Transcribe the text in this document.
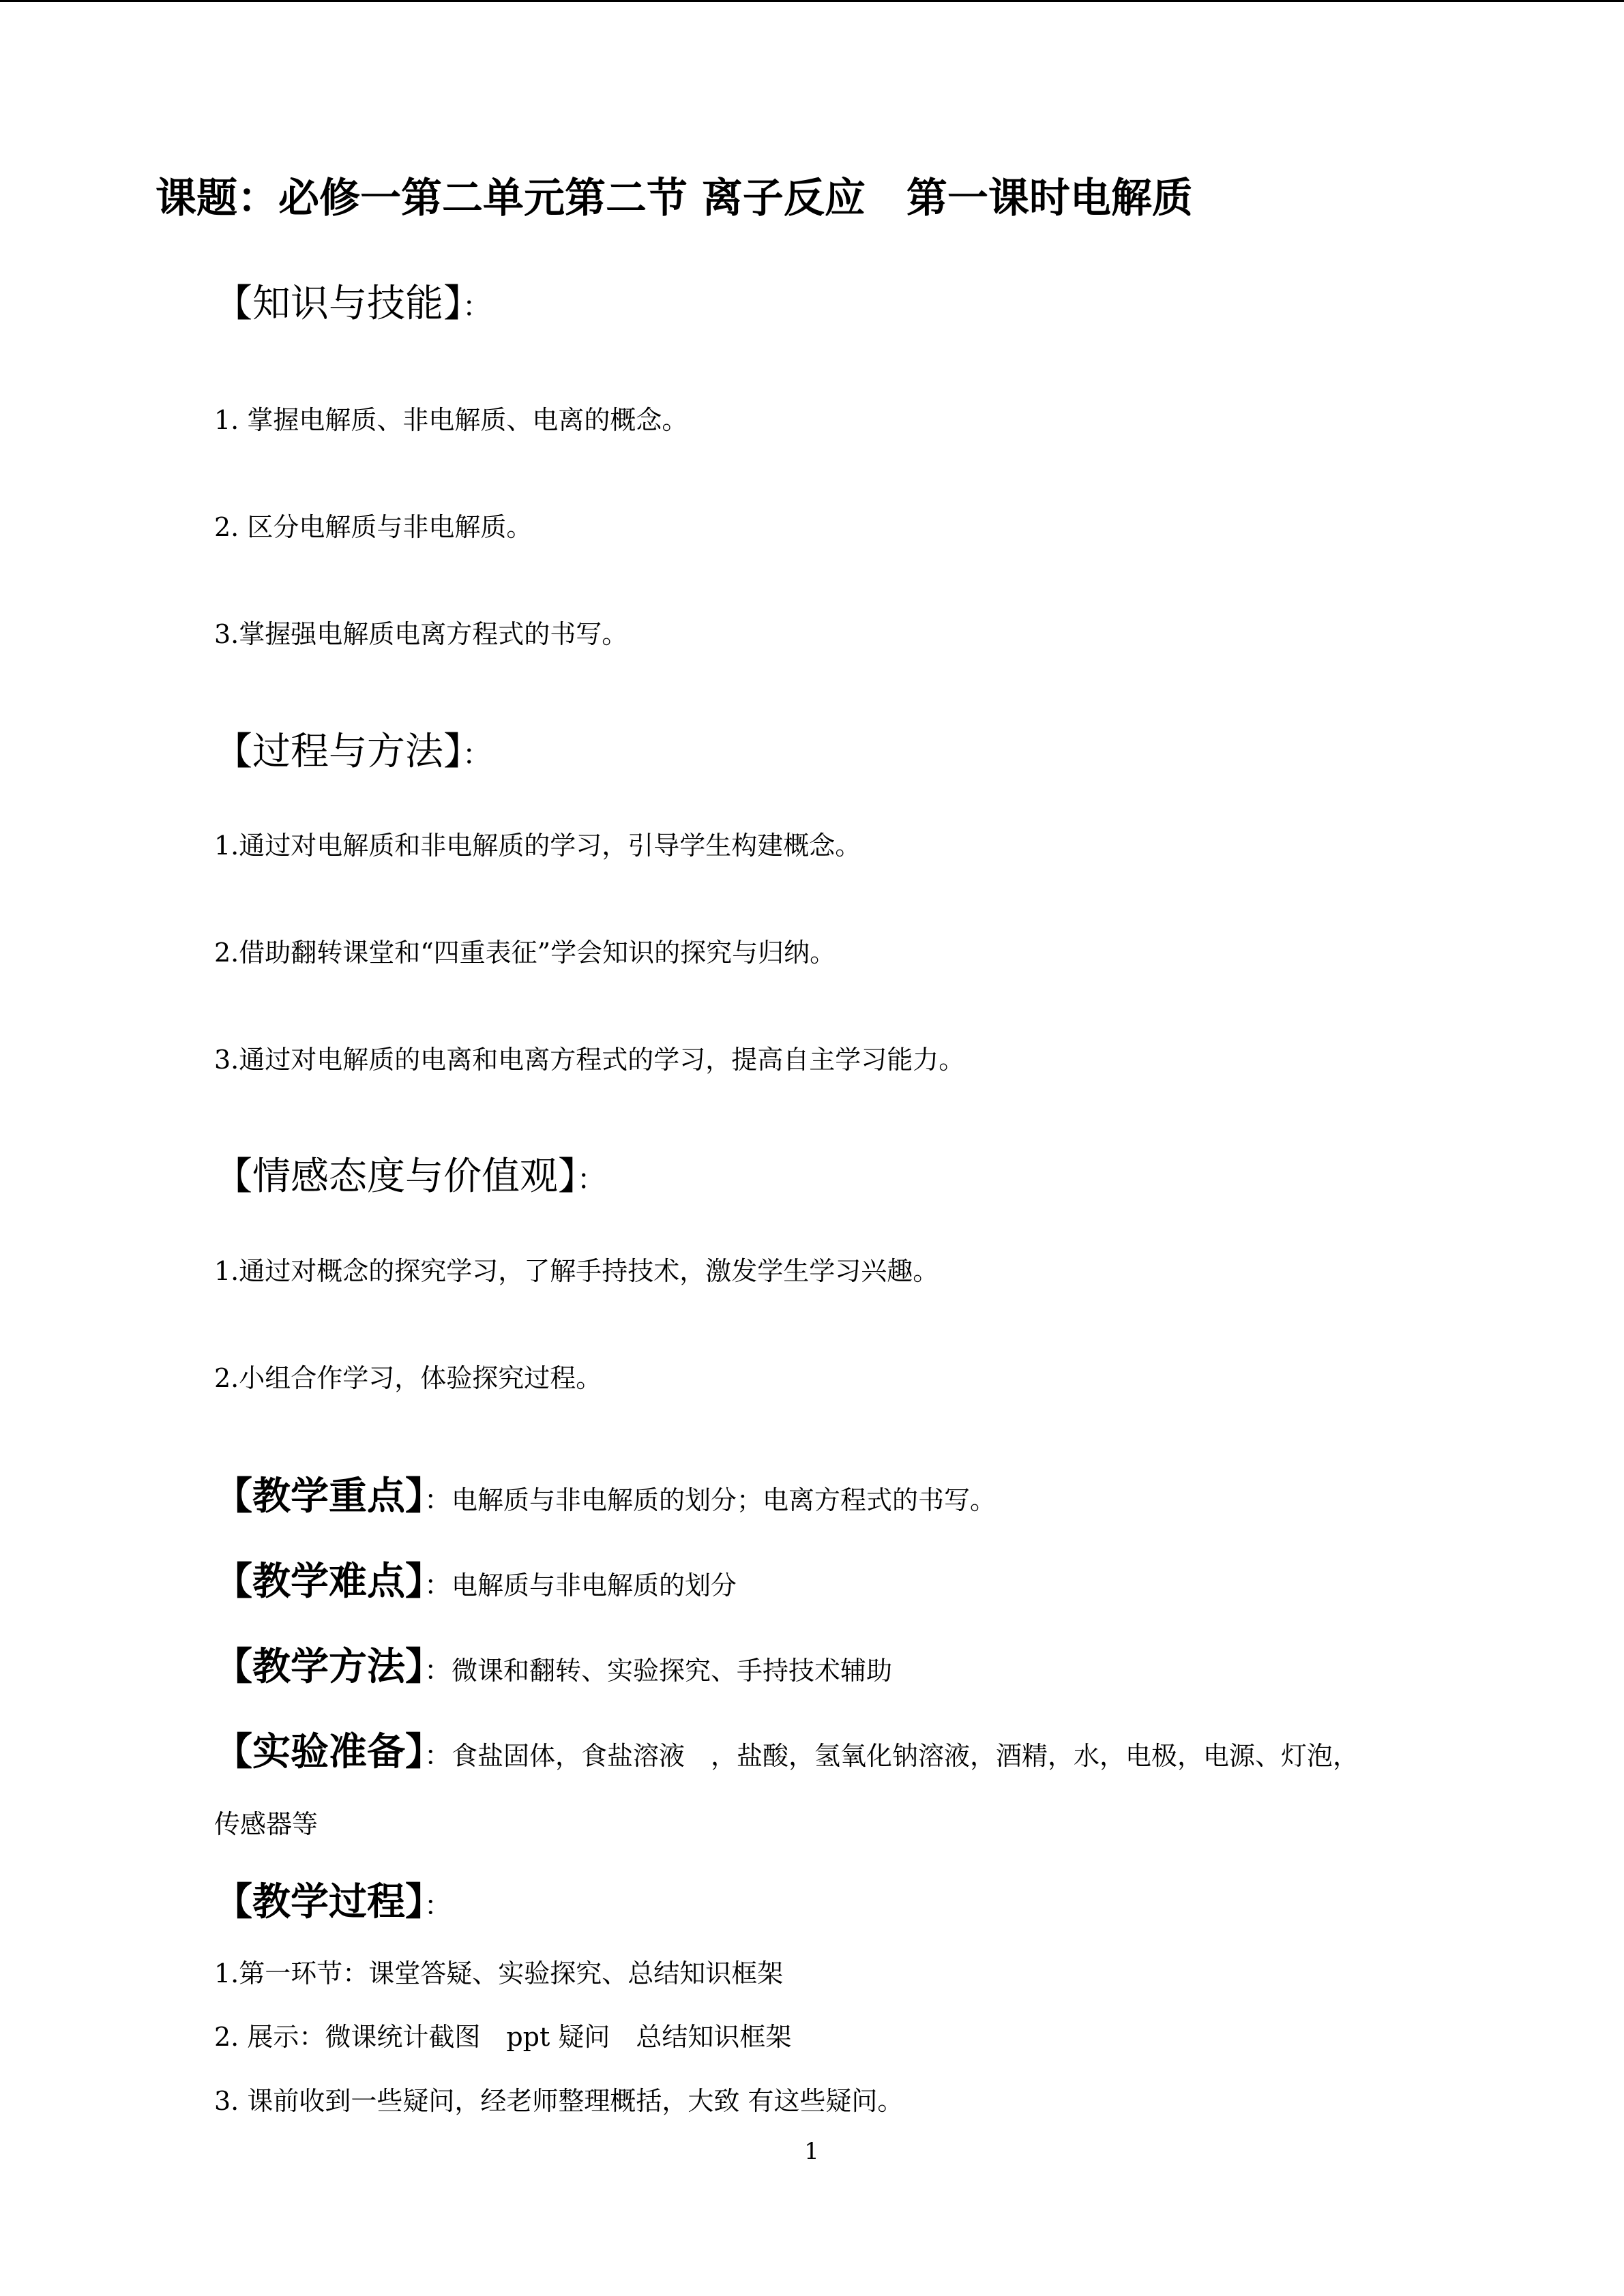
课题：必修一第二单元第二节 离子反应　第一课时电解质
【知识与技能】：

1. 掌握电解质、非电解质、电离的概念。

2. 区分电解质与非电解质。

3.掌握强电解质电离方程式的书写。

【过程与方法】：

1.通过对电解质和非电解质的学习，引导学生构建概念。

2.借助翻转课堂和“四重表征”学会知识的探究与归纳。

3.通过对电解质的电离和电离方程式的学习，提高自主学习能力。

【情感态度与价值观】：

1.通过对概念的探究学习，了解手持技术，激发学生学习兴趣。

2.小组合作学习，体验探究过程。

【教学重点】：电解质与非电解质的划分；电离方程式的书写。
【教学难点】：电解质与非电解质的划分
【教学方法】：微课和翻转、实验探究、手持技术辅助
【实验准备】：食盐固体，食盐溶液　，盐酸，氢氧化钠溶液，酒精，水，电极，电源、灯泡，

传感器等

【教学过程】：

1.第一环节：课堂答疑、实验探究、总结知识框架

2. 展示：微课统计截图　ppt 疑问　总结知识框架

3. 课前收到一些疑问，经老师整理概括，大致 有这些疑问。

1
